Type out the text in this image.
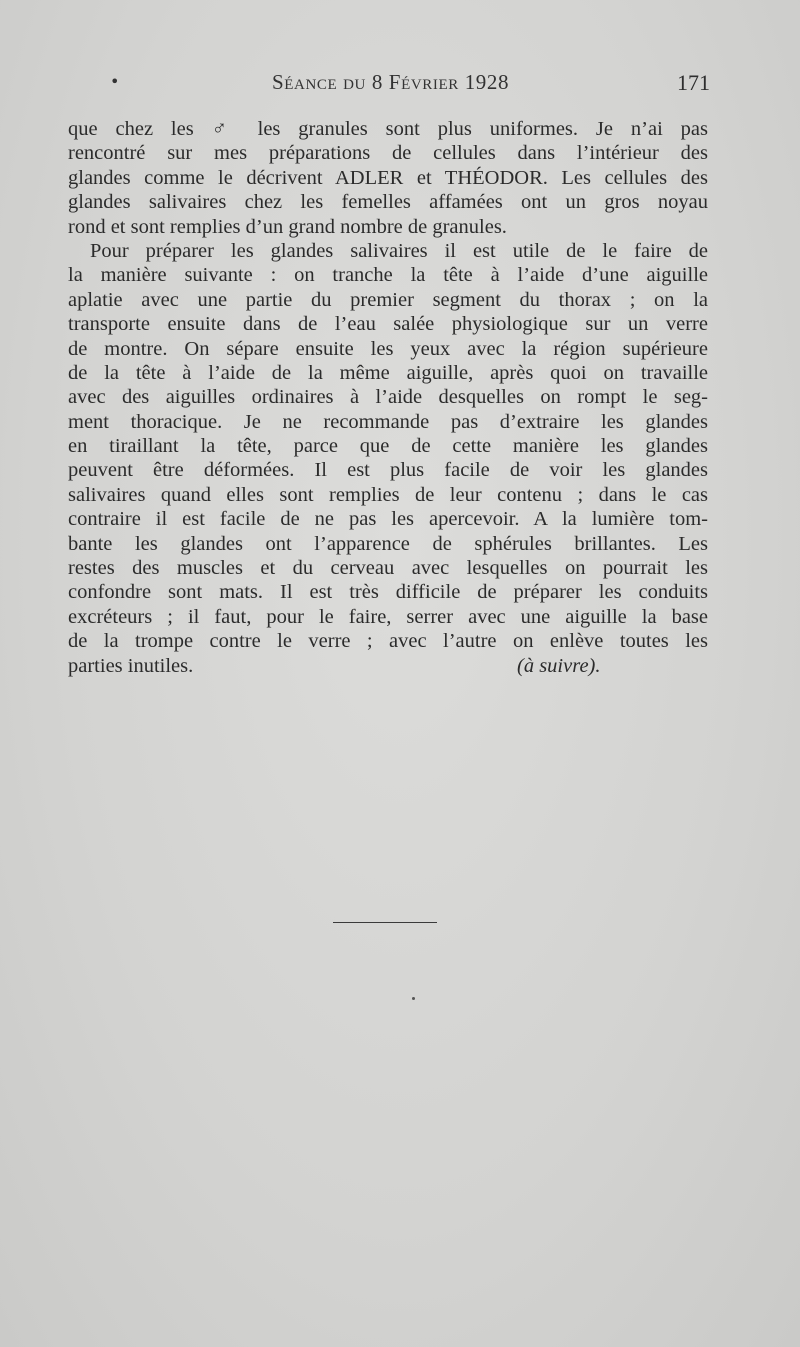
•	Séance du 8 Février 1928	171
que chez les ♂ les granules sont plus uniformes. Je n’ai pas
rencontré sur mes préparations de cellules dans l’intérieur des
glandes comme le décrivent ADLER et THÉODOR. Les cellules des
glandes salivaires chez les femelles affamées ont un gros noyau
rond et sont remplies d’un grand nombre de granules.
Pour préparer les glandes salivaires il est utile de le faire de
la manière suivante : on tranche la tête à l’aide d’une aiguille
aplatie avec une partie du premier segment du thorax ; on la
transporte ensuite dans de l’eau salée physiologique sur un verre
de montre. On sépare ensuite les yeux avec la région supérieure
de la tête à l’aide de la même aiguille, après quoi on travaille
avec des aiguilles ordinaires à l’aide desquelles on rompt le seg-
ment thoracique. Je ne recommande pas d’extraire les glandes
en tiraillant la tête, parce que de cette manière les glandes
peuvent être déformées. Il est plus facile de voir les glandes
salivaires quand elles sont remplies de leur contenu ; dans le cas
contraire il est facile de ne pas les apercevoir. A la lumière tom-
bante les glandes ont l’apparence de sphérules brillantes. Les
restes des muscles et du cerveau avec lesquelles on pourrait les
confondre sont mats. Il est très difficile de préparer les conduits
excréteurs ; il faut, pour le faire, serrer avec une aiguille la base
de la trompe contre le verre ; avec l’autre on enlève toutes les
parties inutiles.	(à suivre).
